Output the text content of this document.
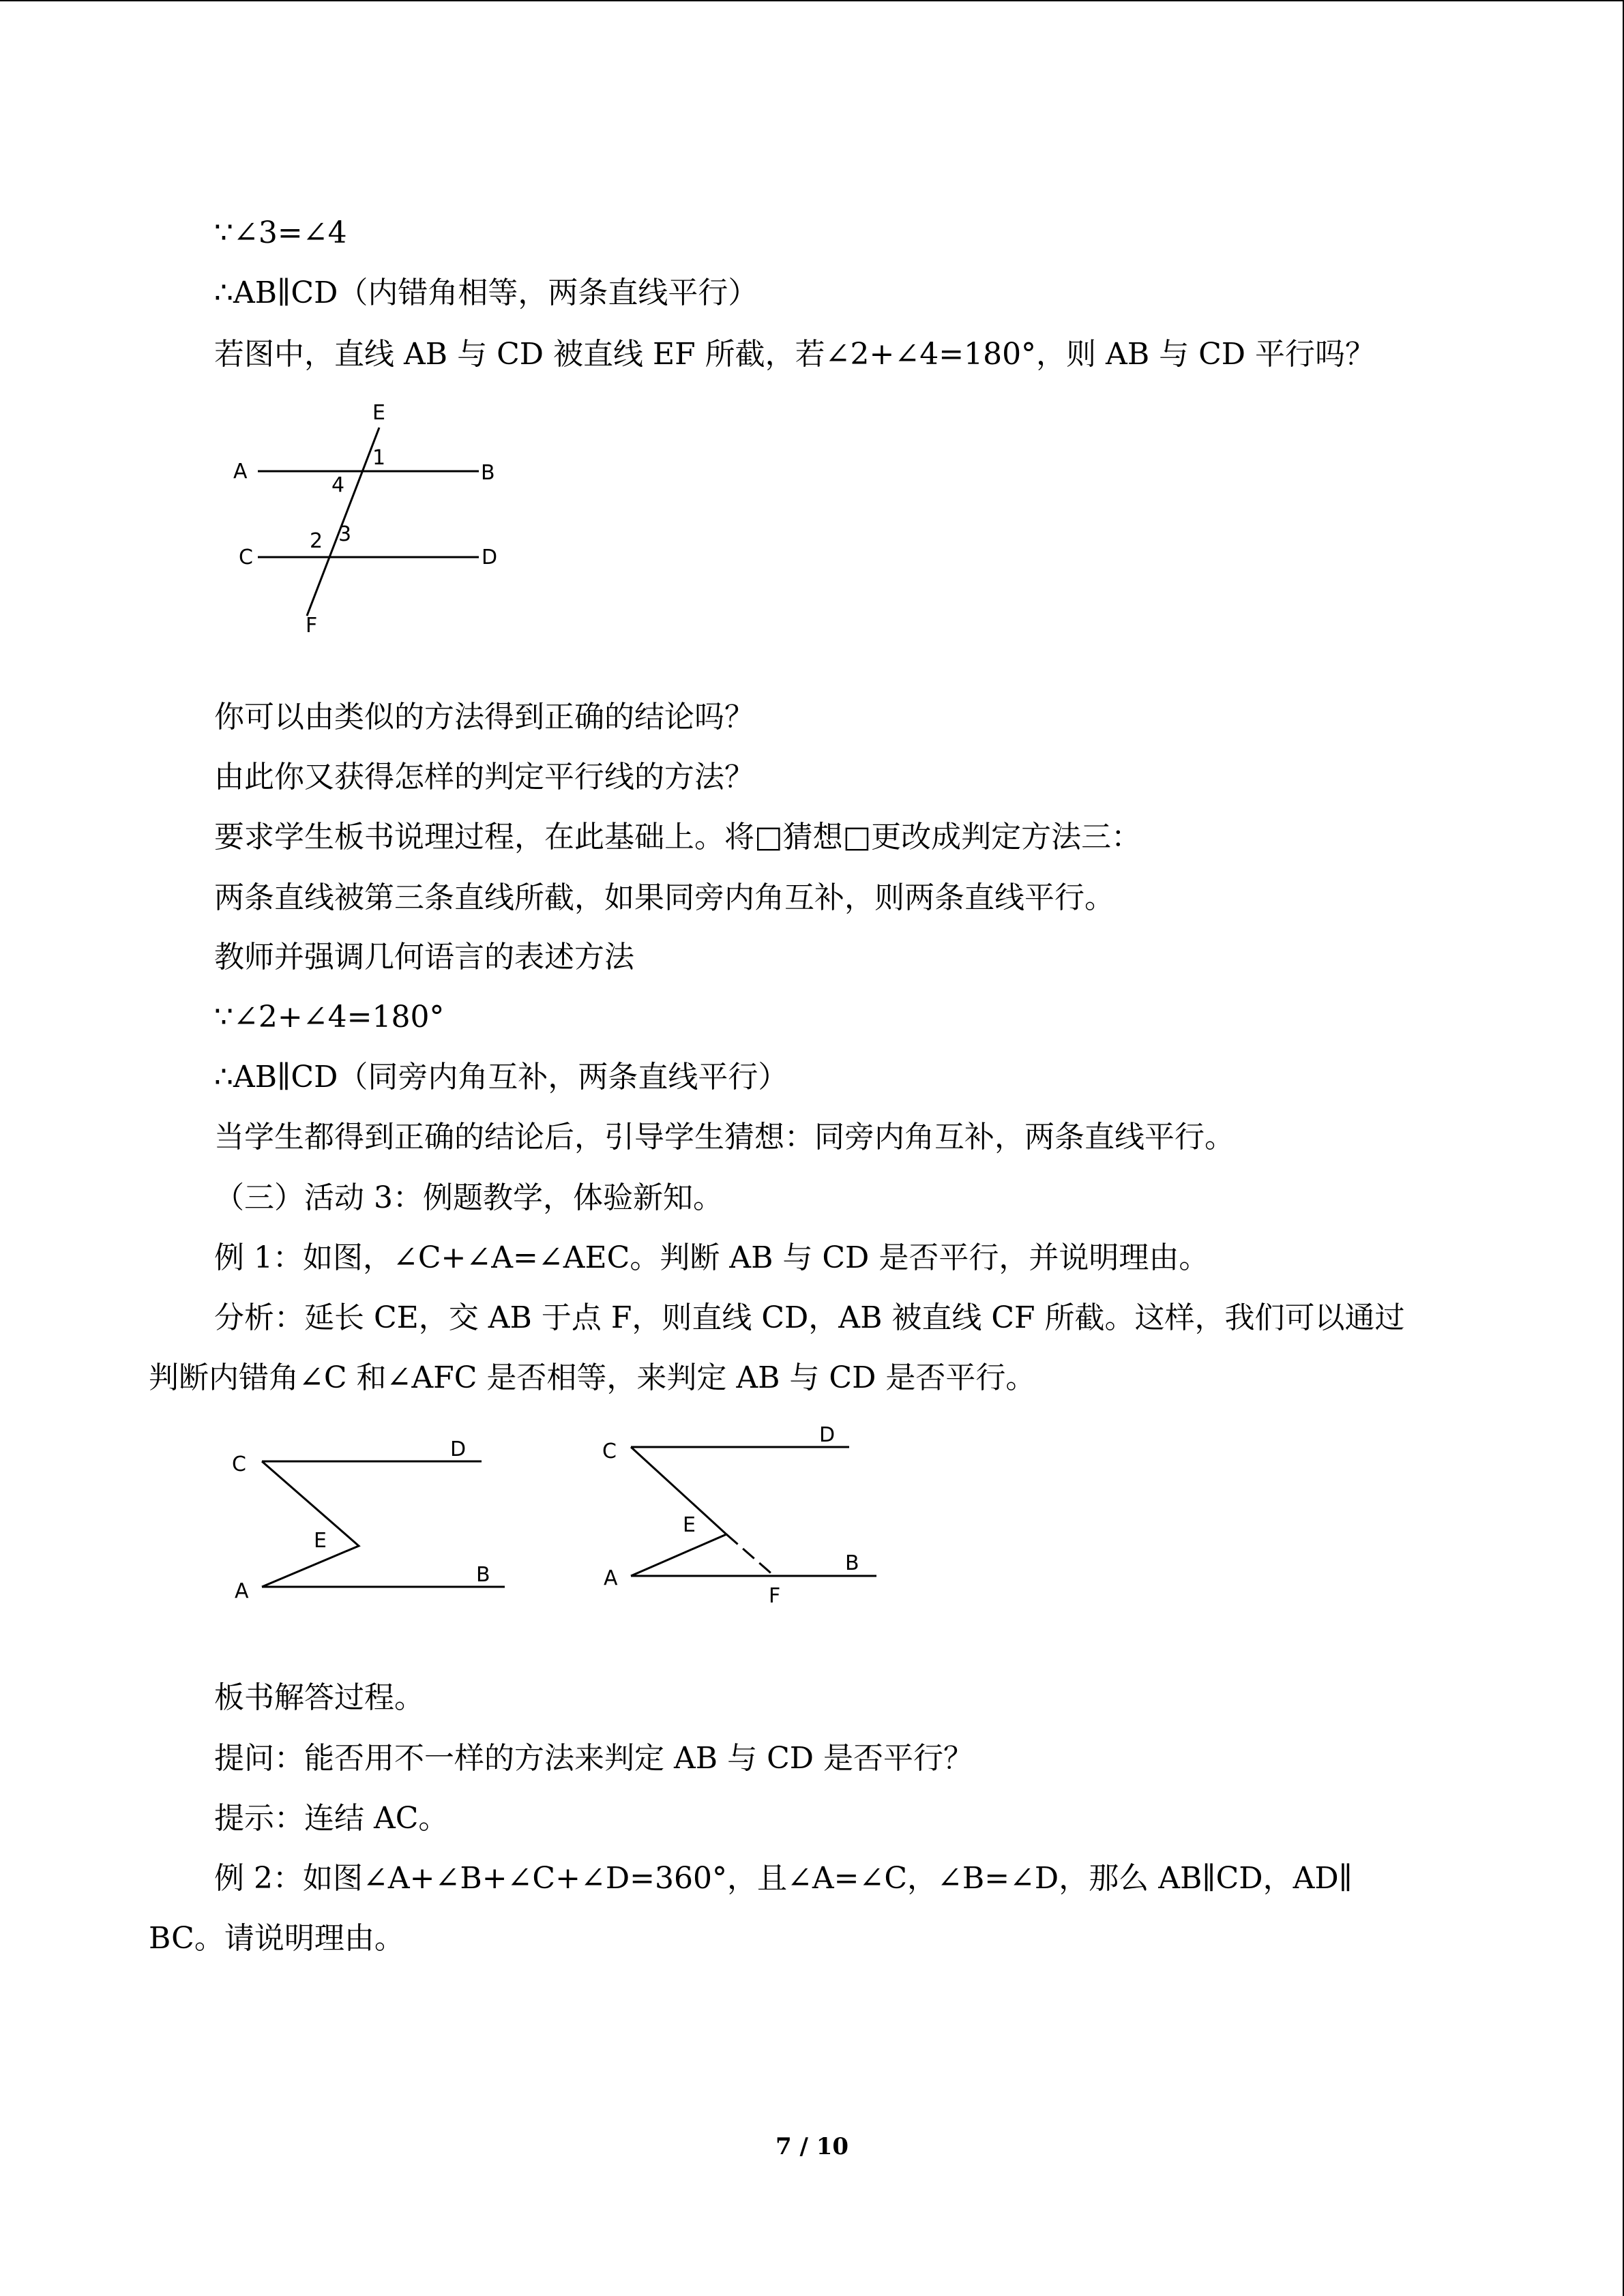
∵∠3=∠4
∴AB∥CD（内错角相等，两条直线平行）
若图中，直线 AB 与 CD 被直线 EF 所截，若∠2+∠4=180°，则 AB 与 CD 平行吗？
A	B
C	D
E
F
1
4
2 3
你可以由类似的方法得到正确的结论吗？
由此你又获得怎样的判定平行线的方法？
要求学生板书说理过程，在此基础上。将□猜想□更改成判定方法三：
两条直线被第三条直线所截，如果同旁内角互补，则两条直线平行。
教师并强调几何语言的表述方法
∵∠2+∠4=180°
∴AB∥CD（同旁内角互补，两条直线平行）
当学生都得到正确的结论后，引导学生猜想：同旁内角互补，两条直线平行。
（三）活动 3：例题教学，体验新知。
例 1：如图，∠C+∠A=∠AEC。判断 AB 与 CD 是否平行，并说明理由。
分析：延长 CE，交 AB 于点 F，则直线 CD，AB 被直线 CF 所截。这样，我们可以通过
判断内错角∠C 和∠AFC 是否相等，来判定 AB 与 CD 是否平行。
C
D
E
A
B
C
D
E
A
B
F
板书解答过程。
提问：能否用不一样的方法来判定 AB 与 CD 是否平行？
提示：连结 AC。
例 2：如图∠A+∠B+∠C+∠D=360°，且∠A=∠C，∠B=∠D，那么 AB∥CD，AD∥
BC。请说明理由。
7 / 10
